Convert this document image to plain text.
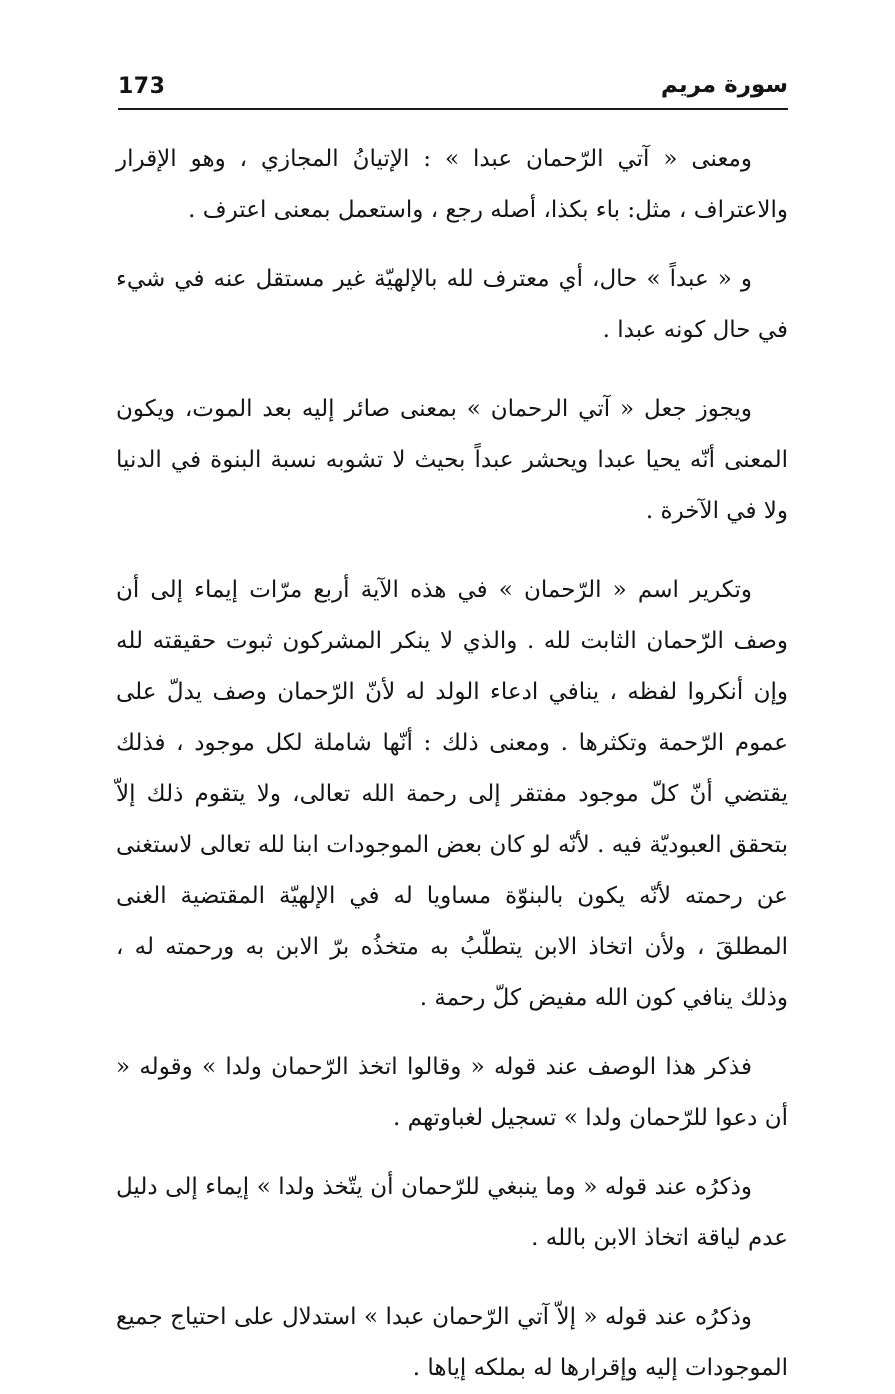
173	سورة مريم

ومعنى « آتي الرّحمان عبدا » : الإتيانُ المجازي ، وهو الإقرار والاعتراف ، مثل: باء بكذا، أصله رجع ، واستعمل بمعنى اعترف .

و « عبداً » حال، أي معترف لله بالإلهيّة غير مستقل عنه في شيء في حال كونه عبدا .

ويجوز جعل « آتي الرحمان » بمعنى صائر إليه بعد الموت، ويكون المعنى أنّه يحيا عبدا ويحشر عبداً بحيث لا تشوبه نسبة البنوة في الدنيا ولا في الآخرة .

وتكرير اسم « الرّحمان » في هذه الآية أربع مرّات إيماء إلى أن وصف الرّحمان الثابت لله . والذي لا ينكر المشركون ثبوت حقيقته لله وإن أنكروا لفظه ، ينافي ادعاء الولد له لأنّ الرّحمان وصف يدلّ على عموم الرّحمة وتكثرها . ومعنى ذلك : أنّها شاملة لكل موجود ، فذلك يقتضي أنّ كلّ موجود مفتقر إلى رحمة الله تعالى، ولا يتقوم ذلك إلاّ بتحقق العبوديّة فيه . لأنّه لو كان بعض الموجودات ابنا لله تعالى لاستغنى عن رحمته لأنّه يكون بالبنوّة مساويا له في الإلهيّة المقتضية الغنى المطلقَ ، ولأن اتخاذ الابن يتطلّبُ به متخذُه برّ الابن به ورحمته له ، وذلك ينافي كون الله مفيض كلّ رحمة .

فذكر هذا الوصف عند قوله « وقالوا اتخذ الرّحمان ولدا » وقوله « أن دعوا للرّحمان ولدا » تسجيل لغباوتهم .

وذكرُه عند قوله « وما ينبغي للرّحمان أن يتّخذ ولدا » إيماء إلى دليل عدم لياقة اتخاذ الابن بالله .

وذكرُه عند قوله « إلاّ آتي الرّحمان عبدا » استدلال على احتياج جميع الموجودات إليه وإقرارها له بملكه إياها .
